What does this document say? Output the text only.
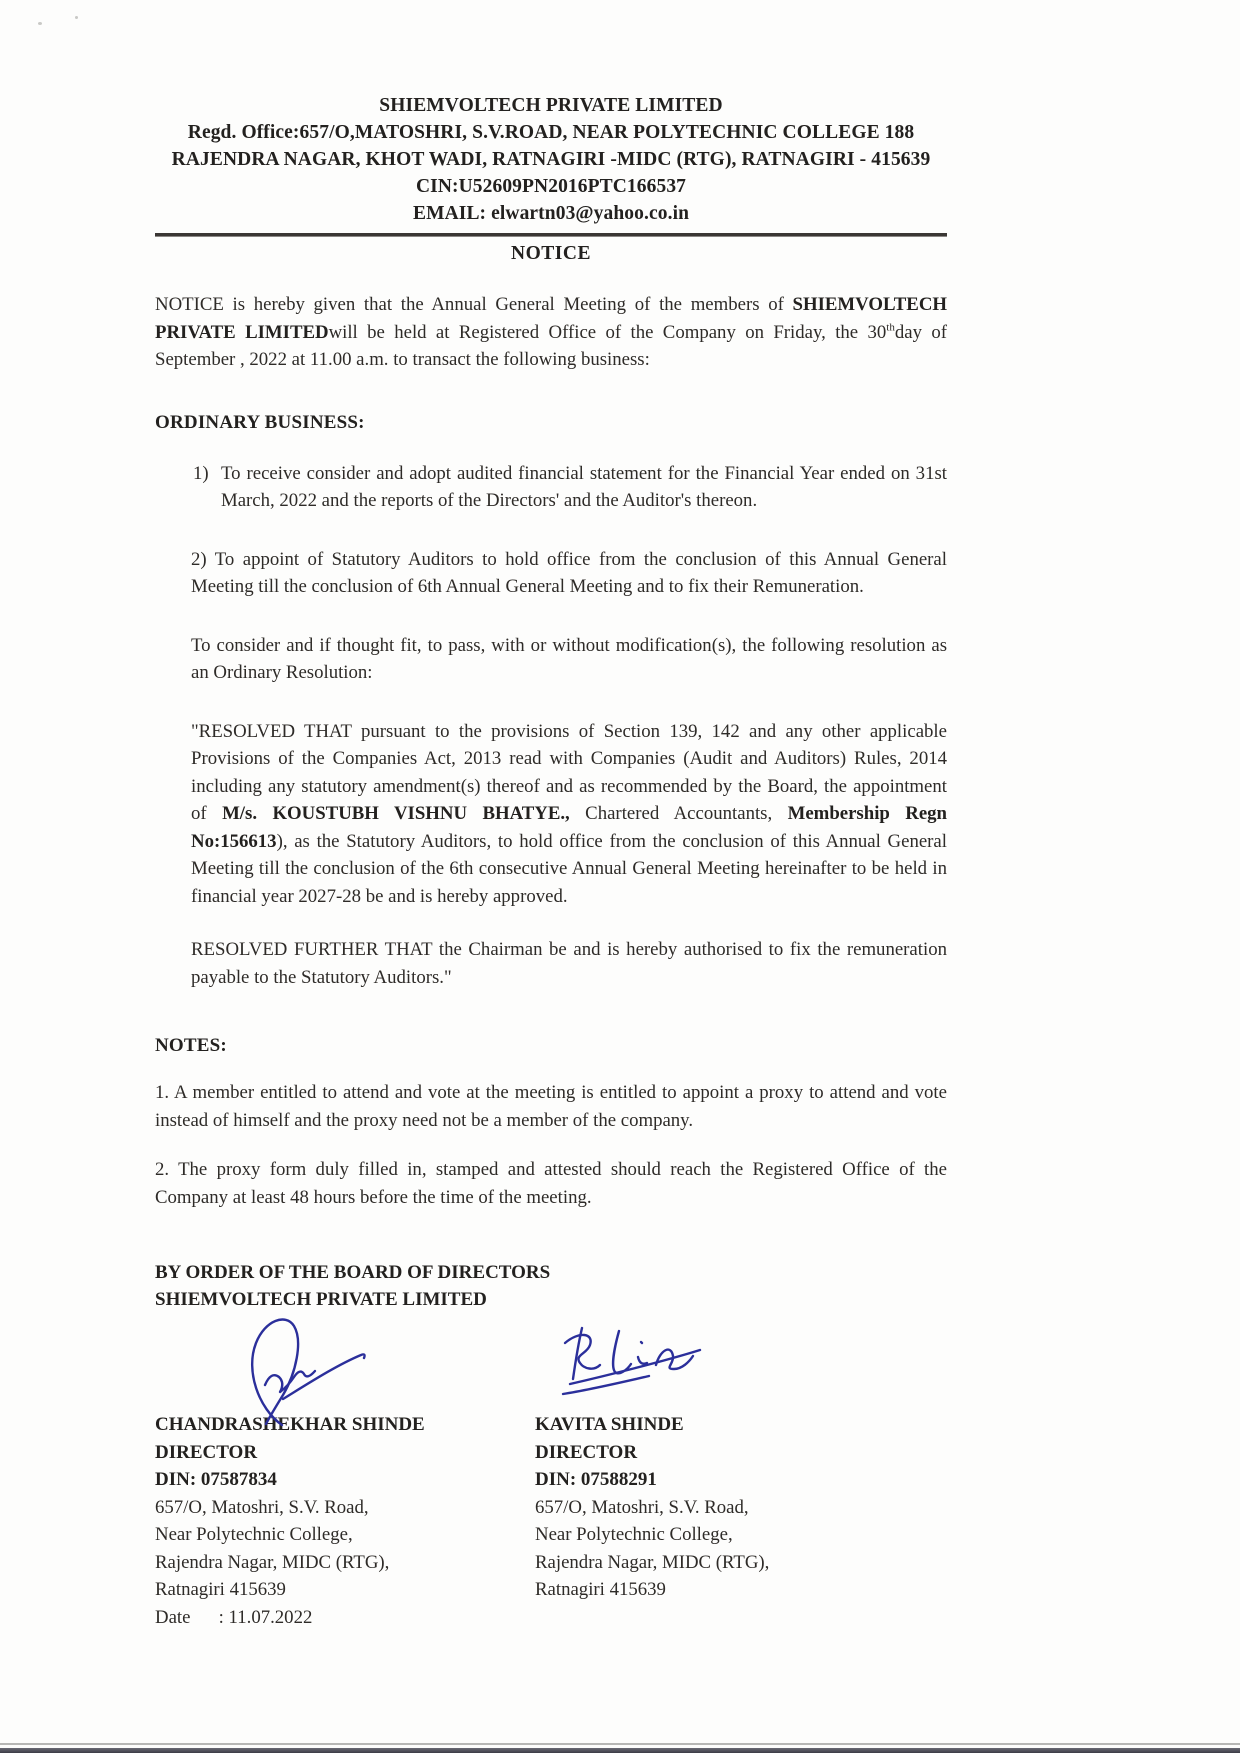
SHIEMVOLTECH PRIVATE LIMITED
Regd. Office:657/O,MATOSHRI, S.V.ROAD, NEAR POLYTECHNIC COLLEGE 188
RAJENDRA NAGAR, KHOT WADI, RATNAGIRI -MIDC (RTG), RATNAGIRI - 415639
CIN:U52609PN2016PTC166537
EMAIL: elwartn03@yahoo.co.in
NOTICE

NOTICE is hereby given that the Annual General Meeting of the members of SHIEMVOLTECH PRIVATE LIMITEDwill be held at Registered Office of the Company on Friday, the 30thday of September , 2022 at 11.00 a.m. to transact the following business:

ORDINARY BUSINESS:
1) To receive consider and adopt audited financial statement for the Financial Year ended on 31st March, 2022 and the reports of the Directors' and the Auditor's thereon.

2) To appoint of Statutory Auditors to hold office from the conclusion of this Annual General Meeting till the conclusion of 6th Annual General Meeting and to fix their Remuneration.

To consider and if thought fit, to pass, with or without modification(s), the following resolution as an Ordinary Resolution:

"RESOLVED THAT pursuant to the provisions of Section 139, 142 and any other applicable Provisions of the Companies Act, 2013 read with Companies (Audit and Auditors) Rules, 2014 including any statutory amendment(s) thereof and as recommended by the Board, the appointment of M/s. KOUSTUBH VISHNU BHATYE., Chartered Accountants, Membership Regn No:156613), as the Statutory Auditors, to hold office from the conclusion of this Annual General Meeting till the conclusion of the 6th consecutive Annual General Meeting hereinafter to be held in financial year 2027-28 be and is hereby approved.

RESOLVED FURTHER THAT the Chairman be and is hereby authorised to fix the remuneration payable to the Statutory Auditors."

NOTES:

1. A member entitled to attend and vote at the meeting is entitled to appoint a proxy to attend and vote instead of himself and the proxy need not be a member of the company.

2. The proxy form duly filled in, stamped and attested should reach the Registered Office of the Company at least 48 hours before the time of the meeting.

BY ORDER OF THE BOARD OF DIRECTORS
SHIEMVOLTECH PRIVATE LIMITED
CHANDRASHEKHAR SHINDE
DIRECTOR
DIN: 07587834
657/O, Matoshri, S.V. Road,
Near Polytechnic College,
Rajendra Nagar, MIDC (RTG),
Ratnagiri 415639
Date      : 11.07.2022
KAVITA SHINDE
DIRECTOR
DIN: 07588291
657/O, Matoshri, S.V. Road,
Near Polytechnic College,
Rajendra Nagar, MIDC (RTG),
Ratnagiri 415639
